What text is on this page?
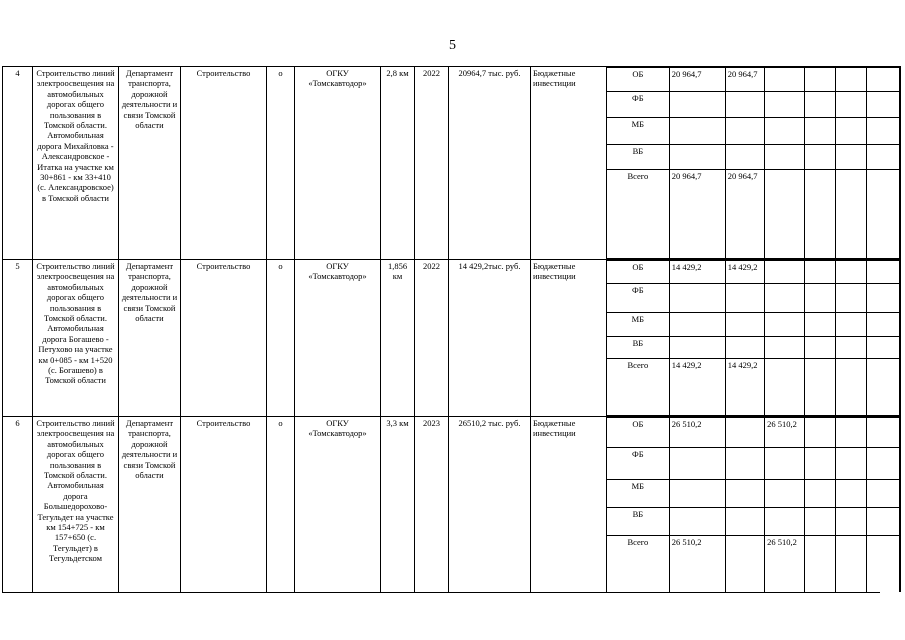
5
4	Строительство линий электроосвещения на автомобильных дорогах общего пользования в Томской области. Автомобильная дорога Михайловка - Александровское - Итатка на участке км 30+861 - км 33+410 (с. Александровское) в Томской области	Департамент транспорта, дорожной деятельности и связи Томской области	Строительство	о	ОГКУ «Томскавтодор»	2,8 км	2022	20964,7 тыс. руб.	Бюджетные инвестиции	
ОБ	20 964,7	20 964,7				
ФБ						
МБ						
ВБ						
Всего	20 964,7	20 964,7				

5	Строительство линий электроосвещения на автомобильных дорогах общего пользования в Томской области. Автомобильная дорога Богашево - Петухово на участке км 0+085 - км 1+520 (с. Богашево) в Томской области	Департамент транспорта, дорожной деятельности и связи Томской области	Строительство	о	ОГКУ «Томскавтодор»	1,856 км	2022	14 429,2тыс. руб.	Бюджетные инвестиции	
ОБ	14 429,2	14 429,2				
ФБ						
МБ						
ВБ						
Всего	14 429,2	14 429,2				

6	Строительство линий электроосвещения на автомобильных дорогах общего пользования в Томской области. Автомобильная дорога Большедорохово- Тегульдет на участке км 154+725 - км 157+650 (с. Тегульдет) в Тегульдетском	Департамент транспорта, дорожной деятельности и связи Томской области	Строительство	о	ОГКУ «Томскавтодор»	3,3 км	2023	26510,2 тыс. руб.	Бюджетные инвестиции	
ОБ	26 510,2		26 510,2			
ФБ						
МБ						
ВБ						
Всего	26 510,2		26 510,2			
